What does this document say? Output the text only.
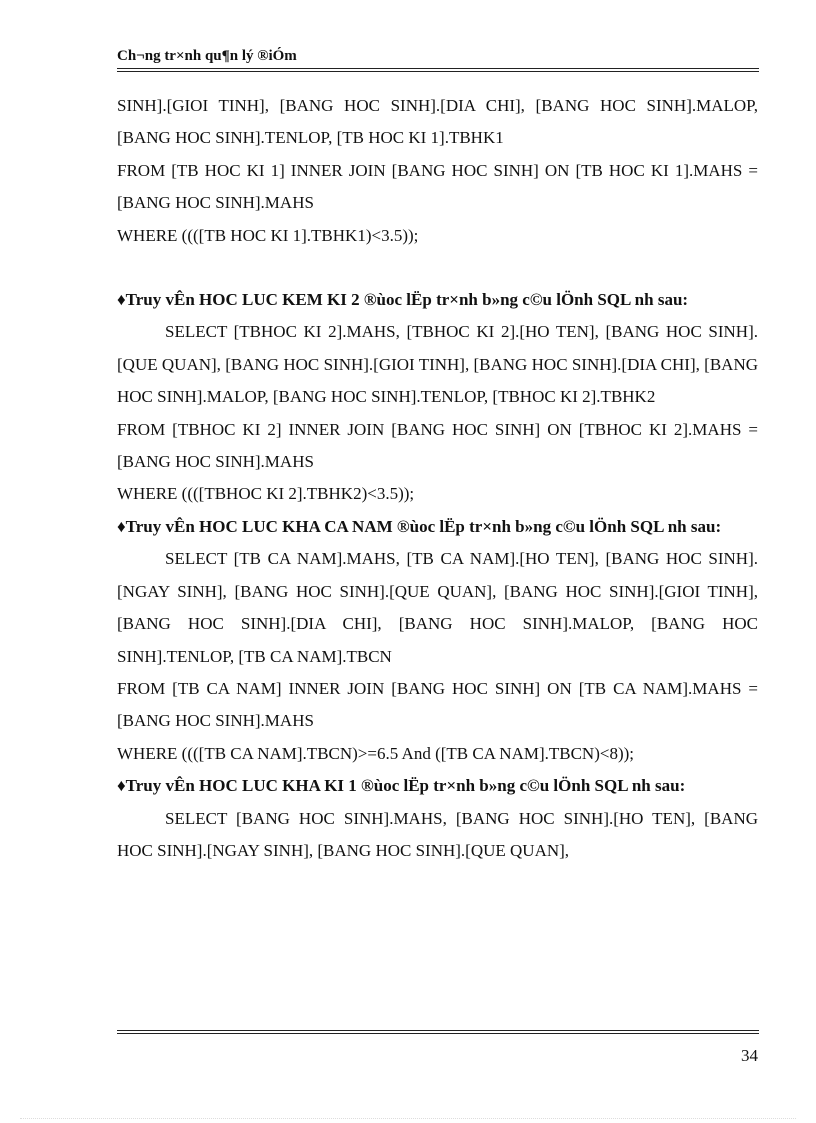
Ch¬ng tr×nh qu¶n lý ®iÓm

SINH].[GIOI TINH], [BANG HOC SINH].[DIA CHI], [BANG HOC SINH].MALOP, [BANG HOC SINH].TENLOP, [TB HOC KI 1].TBHK1

FROM [TB HOC KI 1] INNER JOIN [BANG HOC SINH] ON [TB HOC KI 1].MAHS = [BANG HOC SINH].MAHS

WHERE ((([TB HOC KI 1].TBHK1)<3.5));

♦Truy vÊn HOC LUC KEM KI 2 ®ùoc lËp tr×nh b»ng c©u lÖnh SQL nh sau:

SELECT [TBHOC KI 2].MAHS, [TBHOC KI 2].[HO TEN], [BANG HOC SINH].[QUE QUAN], [BANG HOC SINH].[GIOI TINH], [BANG HOC SINH].[DIA CHI], [BANG HOC SINH].MALOP, [BANG HOC SINH].TENLOP, [TBHOC KI 2].TBHK2

FROM [TBHOC KI 2] INNER JOIN [BANG HOC SINH] ON [TBHOC KI 2].MAHS = [BANG HOC SINH].MAHS

WHERE ((([TBHOC KI 2].TBHK2)<3.5));

♦Truy vÊn HOC LUC KHA CA NAM ®ùoc lËp tr×nh b»ng c©u lÖnh SQL nh sau:

SELECT [TB CA NAM].MAHS, [TB CA NAM].[HO TEN], [BANG HOC SINH].[NGAY SINH], [BANG HOC SINH].[QUE QUAN], [BANG HOC SINH].[GIOI TINH], [BANG HOC SINH].[DIA CHI], [BANG HOC SINH].MALOP, [BANG HOC SINH].TENLOP, [TB CA NAM].TBCN

FROM [TB CA NAM] INNER JOIN [BANG HOC SINH] ON [TB CA NAM].MAHS = [BANG HOC SINH].MAHS

WHERE ((([TB CA NAM].TBCN)>=6.5 And ([TB CA NAM].TBCN)<8));

♦Truy vÊn HOC LUC KHA KI 1 ®ùoc lËp tr×nh b»ng c©u lÖnh SQL nh sau:

SELECT [BANG HOC SINH].MAHS, [BANG HOC SINH].[HO TEN], [BANG HOC SINH].[NGAY SINH], [BANG HOC SINH].[QUE QUAN],

34
